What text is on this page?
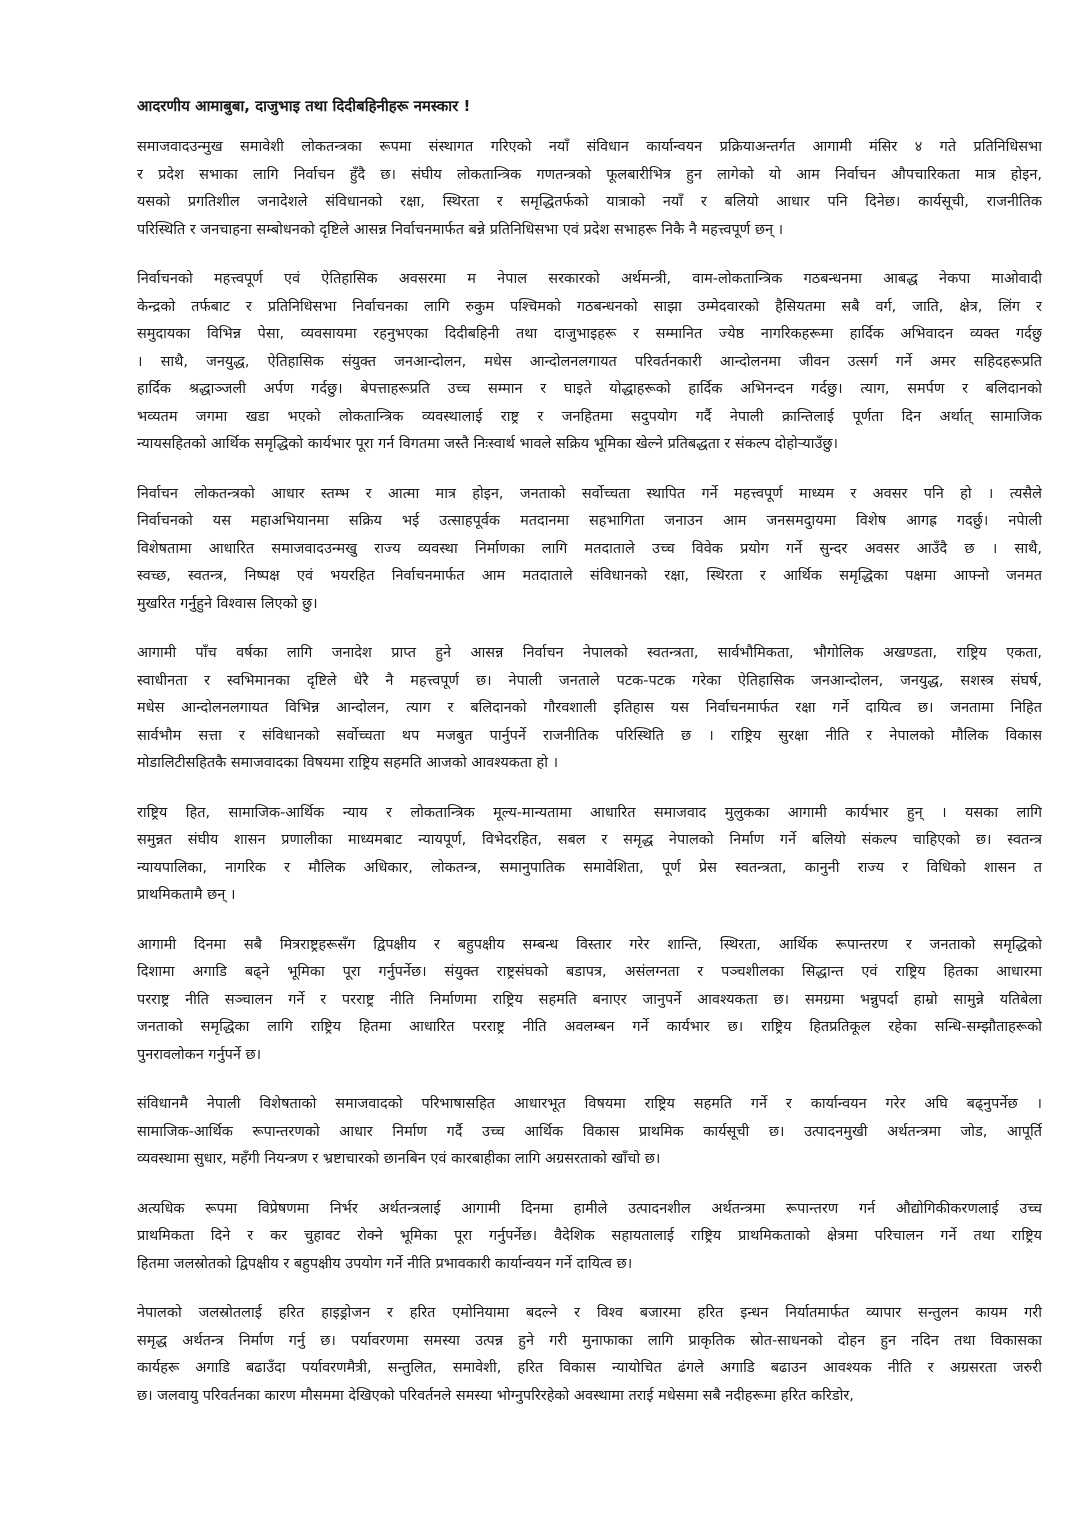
आदरणीय आमाबुबा, दाजुभाइ तथा दिदीबहिनीहरू नमस्कार !
समाजवादउन्मुख समावेशी लोकतन्त्रका रूपमा संस्थागत गरिएको नयाँ संविधान कार्यान्वयन प्रक्रियाअन्तर्गत आगामी मंसिर ४ गते प्रतिनिधिसभा
र प्रदेश सभाका लागि निर्वाचन हुँदै छ। संघीय लोकतान्त्रिक गणतन्त्रको फूलबारीभित्र हुन लागेको यो आम निर्वाचन औपचारिकता मात्र होइन,
यसको प्रगतिशील जनादेशले संविधानको रक्षा, स्थिरता र समृद्धितर्फको यात्राको नयाँ र बलियो आधार पनि दिनेछ। कार्यसूची, राजनीतिक
परिस्थिति र जनचाहना सम्बोधनको दृष्टिले आसन्न निर्वाचनमार्फत बन्ने प्रतिनिधिसभा एवं प्रदेश सभाहरू निकै नै महत्त्वपूर्ण छन् ।
निर्वाचनको महत्त्वपूर्ण एवं ऐतिहासिक अवसरमा म नेपाल सरकारको अर्थमन्त्री, वाम-लोकतान्त्रिक गठबन्धनमा आबद्ध नेकपा माओवादी
केन्द्रको तर्फबाट र प्रतिनिधिसभा निर्वाचनका लागि रुकुम पश्चिमको गठबन्धनको साझा उम्मेदवारको हैसियतमा सबै वर्ग, जाति, क्षेत्र, लिंग र
समुदायका विभिन्न पेसा, व्यवसायमा रहनुभएका दिदीबहिनी तथा दाजुभाइहरू र सम्मानित ज्येष्ठ नागरिकहरूमा हार्दिक अभिवादन व्यक्त गर्दछु
। साथै, जनयुद्ध, ऐतिहासिक संयुक्त जनआन्दोलन, मधेस आन्दोलनलगायत परिवर्तनकारी आन्दोलनमा जीवन उत्सर्ग गर्ने अमर सहिदहरूप्रति
हार्दिक श्रद्धाञ्जली अर्पण गर्दछु। बेपत्ताहरूप्रति उच्च सम्मान र घाइते योद्धाहरूको हार्दिक अभिनन्दन गर्दछु। त्याग, समर्पण र बलिदानको
भव्यतम जगमा खडा भएको लोकतान्त्रिक व्यवस्थालाई राष्ट्र र जनहितमा सदुपयोग गर्दै नेपाली क्रान्तिलाई पूर्णता दिन अर्थात् सामाजिक
न्यायसहितको आर्थिक समृद्धिको कार्यभार पूरा गर्न विगतमा जस्तै निःस्वार्थ भावले सक्रिय भूमिका खेल्ने प्रतिबद्धता र संकल्प दोहोर्‍याउँछु।
निर्वाचन लोकतन्त्रको आधार स्तम्भ र आत्मा मात्र होइन, जनताको सर्वोच्चता स्थापित गर्ने महत्त्वपूर्ण माध्यम र अवसर पनि हो । त्यसैले
निर्वाचनको यस महाअभियानमा सक्रिय भई उत्साहपूर्वक मतदानमा सहभागिता जनाउन आम जनसमदुायमा विशेष आगह्र गदर्छु। नपेाली
विशेषतामा आधारित समाजवादउन्मखु राज्य व्यवस्था निर्माणका लागि मतदाताले उच्च विवेक प्रयोग गर्ने सुन्दर अवसर आउँदै छ । साथै,
स्वच्छ, स्वतन्त्र, निष्पक्ष एवं भयरहित निर्वाचनमार्फत आम मतदाताले संविधानको रक्षा, स्थिरता र आर्थिक समृद्धिका पक्षमा आफ्नो जनमत
मुखरित गर्नुहुने विश्वास लिएको छु।
आगामी पाँच वर्षका लागि जनादेश प्राप्त हुने आसन्न निर्वाचन नेपालको स्वतन्त्रता, सार्वभौमिकता, भौगोलिक अखण्डता, राष्ट्रिय एकता,
स्वाधीनता र स्वभिमानका दृष्टिले धेरै नै महत्त्वपूर्ण छ। नेपाली जनताले पटक-पटक गरेका ऐतिहासिक जनआन्दोलन, जनयुद्ध, सशस्त्र संघर्ष,
मधेस आन्दोलनलगायत विभिन्न आन्दोलन, त्याग र बलिदानको गौरवशाली इतिहास यस निर्वाचनमार्फत रक्षा गर्ने दायित्व छ। जनतामा निहित
सार्वभौम सत्ता र संविधानको सर्वोच्चता थप मजबुत पार्नुपर्ने राजनीतिक परिस्थिति छ । राष्ट्रिय सुरक्षा नीति र नेपालको मौलिक विकास
मोडालिटीसहितकै समाजवादका विषयमा राष्ट्रिय सहमति आजको आवश्यकता हो ।
राष्ट्रिय हित, सामाजिक-आर्थिक न्याय र लोकतान्त्रिक मूल्य-मान्यतामा आधारित समाजवाद मुलुकका आगामी कार्यभार हुन् । यसका लागि
समुन्नत संघीय शासन प्रणालीका माध्यमबाट न्यायपूर्ण, विभेदरहित, सबल र समृद्ध नेपालको निर्माण गर्ने बलियो संकल्प चाहिएको छ। स्वतन्त्र
न्यायपालिका, नागरिक र मौलिक अधिकार, लोकतन्त्र, समानुपातिक समावेशिता, पूर्ण प्रेस स्वतन्त्रता, कानुनी राज्य र विधिको शासन त
प्राथमिकतामै छन् ।
आगामी दिनमा सबै मित्रराष्ट्रहरूसँग द्विपक्षीय र बहुपक्षीय सम्बन्ध विस्तार गरेर शान्ति, स्थिरता, आर्थिक रूपान्तरण र जनताको समृद्धिको
दिशामा अगाडि बढ्ने भूमिका पूरा गर्नुपर्नेछ। संयुक्त राष्ट्रसंघको बडापत्र, असंलग्नता र पञ्चशीलका सिद्धान्त एवं राष्ट्रिय हितका आधारमा
परराष्ट्र नीति सञ्चालन गर्ने र परराष्ट्र नीति निर्माणमा राष्ट्रिय सहमति बनाएर जानुपर्ने आवश्यकता छ। समग्रमा भन्नुपर्दा हाम्रो सामुन्ने यतिबेला
जनताको समृद्धिका लागि राष्ट्रिय हितमा आधारित परराष्ट्र नीति अवलम्बन गर्ने कार्यभार छ। राष्ट्रिय हितप्रतिकूल रहेका सन्धि-सम्झौताहरूको
पुनरावलोकन गर्नुपर्ने छ।
संविधानमै नेपाली विशेषताको समाजवादको परिभाषासहित आधारभूत विषयमा राष्ट्रिय सहमति गर्ने र कार्यान्वयन गरेर अघि बढ्नुपर्नेछ ।
सामाजिक-आर्थिक रूपान्तरणको आधार निर्माण गर्दै उच्च आर्थिक विकास प्राथमिक कार्यसूची छ। उत्पादनमुखी अर्थतन्त्रमा जोड, आपूर्ति
व्यवस्थामा सुधार, महँगी नियन्त्रण र भ्रष्टाचारको छानबिन एवं कारबाहीका लागि अग्रसरताको खाँचो छ।
अत्यधिक रूपमा विप्रेषणमा निर्भर अर्थतन्त्रलाई आगामी दिनमा हामीले उत्पादनशील अर्थतन्त्रमा रूपान्तरण गर्न औद्योगिकीकरणलाई उच्च
प्राथमिकता दिने र कर चुहावट रोक्ने भूमिका पूरा गर्नुपर्नेछ। वैदेशिक सहायतालाई राष्ट्रिय प्राथमिकताको क्षेत्रमा परिचालन गर्ने तथा राष्ट्रिय
हितमा जलस्रोतको द्विपक्षीय र बहुपक्षीय उपयोग गर्ने नीति प्रभावकारी कार्यान्वयन गर्ने दायित्व छ।
नेपालको जलस्रोतलाई हरित हाइड्रोजन र हरित एमोनियामा बदल्ने र विश्व बजारमा हरित इन्धन निर्यातमार्फत व्यापार सन्तुलन कायम गरी
समृद्ध अर्थतन्त्र निर्माण गर्नु छ। पर्यावरणमा समस्या उत्पन्न हुने गरी मुनाफाका लागि प्राकृतिक स्रोत-साधनको दोहन हुन नदिन तथा विकासका
कार्यहरू अगाडि बढाउँदा पर्यावरणमैत्री, सन्तुलित, समावेशी, हरित विकास न्यायोचित ढंगले अगाडि बढाउन आवश्यक नीति र अग्रसरता जरुरी
छ। जलवायु परिवर्तनका कारण मौसममा देखिएको परिवर्तनले समस्या भोग्नुपरिरहेको अवस्थामा तराई मधेसमा सबै नदीहरूमा हरित करिडोर,
